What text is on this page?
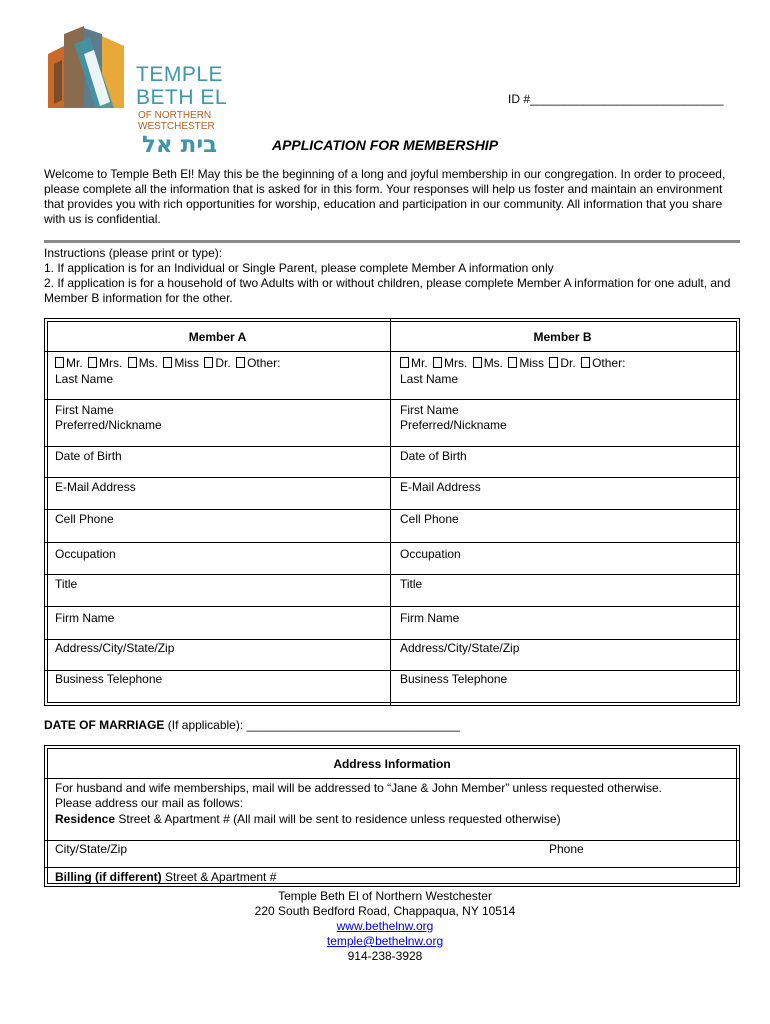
TEMPLE
BETH EL
OF NORTHERN
WESTCHESTER
בית אל
ID #_____________________________
APPLICATION FOR MEMBERSHIP
Welcome to Temple Beth El! May this be the beginning of a long and joyful membership in our congregation. In order to proceed, please complete all the information that is asked for in this form. Your responses will help us foster and maintain an environment that provides you with rich opportunities for worship, education and participation in our community. All information that you share with us is confidential.
Instructions (please print or type):
1. If application is for an Individual or Single Parent, please complete Member A information only
2. If application is for a household of two Adults with or without children, please complete Member A information for one adult, and Member B information for the other.
Member A	Member B
Mr. Mrs. Ms. Miss Dr. Other:
Last Name
First Name
Preferred/Nickname
Date of Birth
E-Mail Address
Cell Phone
Occupation
Title
Firm Name
Address/City/State/Zip
Business Telephone
Mr. Mrs. Ms. Miss Dr. Other:
Last Name
First Name
Preferred/Nickname
Date of Birth
E-Mail Address
Cell Phone
Occupation
Title
Firm Name
Address/City/State/Zip
Business Telephone
DATE OF MARRIAGE (If applicable): ________________________________
Address Information
For husband and wife memberships, mail will be addressed to “Jane & John Member” unless requested otherwise.
Please address our mail as follows:
Residence Street & Apartment # (All mail will be sent to residence unless requested otherwise)
City/State/Zip	Phone
Billing (if different) Street & Apartment #
Temple Beth El of Northern Westchester
220 South Bedford Road, Chappaqua, NY 10514
www.bethelnw.org
temple@bethelnw.org
914-238-3928
